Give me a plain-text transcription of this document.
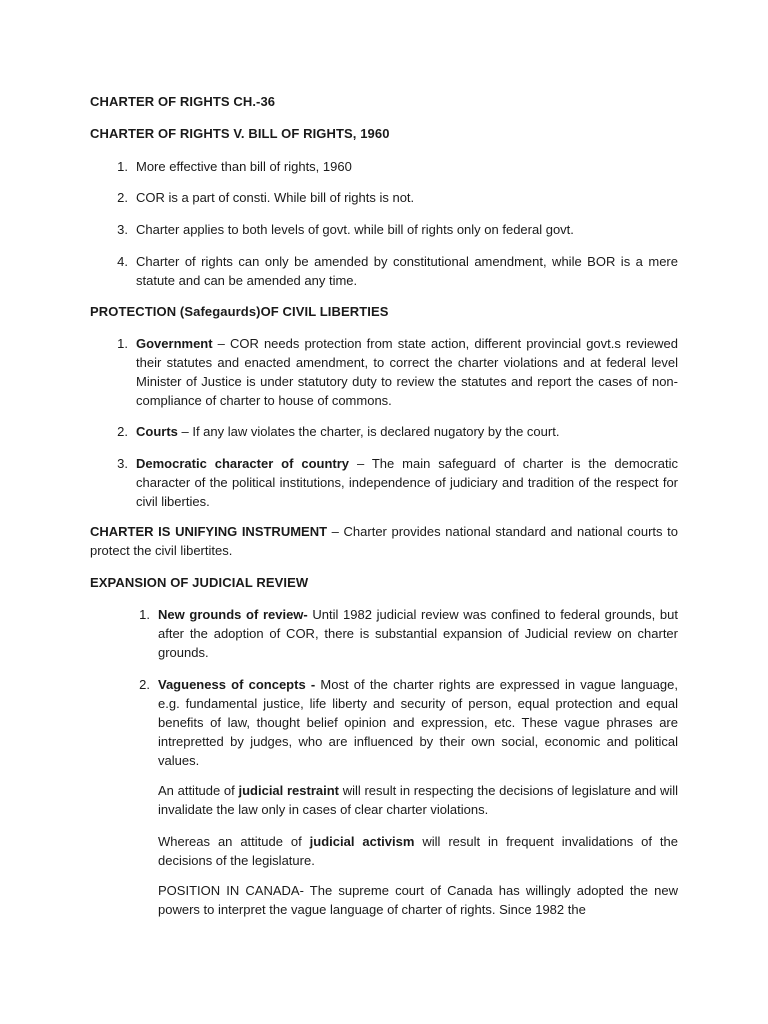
CHARTER OF RIGHTS CH.-36
CHARTER OF RIGHTS V. BILL OF RIGHTS, 1960
1. More effective than bill of rights, 1960
2. COR is a part of consti. While bill of rights is not.
3. Charter applies to both levels of govt. while bill of rights only on federal govt.
4. Charter of rights can only be amended by constitutional amendment, while BOR is a mere statute and can be amended any time.
PROTECTION (Safegaurds)OF CIVIL LIBERTIES
1. Government – COR needs protection from state action, different provincial govt.s reviewed their statutes and enacted amendment, to correct the charter violations and at federal level Minister of Justice is under statutory duty to review the statutes and report the cases of non-compliance of charter to house of commons.
2. Courts – If any law violates the charter, is declared nugatory by the court.
3. Democratic character of country – The main safeguard of charter is the democratic character of the political institutions, independence of judiciary and tradition of the respect for civil liberties.
CHARTER IS UNIFYING INSTRUMENT – Charter provides national standard and national courts to protect the civil libertites.
EXPANSION OF JUDICIAL REVIEW
1. New grounds of review- Until 1982 judicial review was confined to federal grounds, but after the adoption of COR, there is substantial expansion of Judicial review on charter grounds.
2. Vagueness of concepts - Most of the charter rights are expressed in vague language, e.g. fundamental justice, life liberty and security of person, equal protection and equal benefits of law, thought belief opinion and expression, etc. These vague phrases are intrepretted by judges, who are influenced by their own social, economic and political values.
An attitude of judicial restraint will result in respecting the decisions of legislature and will invalidate the law only in cases of clear charter violations.
Whereas an attitude of judicial activism will result in frequent invalidations of the decisions of the legislature.
POSITION IN CANADA- The supreme court of Canada has willingly adopted the new powers to interpret the vague language of charter of rights. Since 1982 the
